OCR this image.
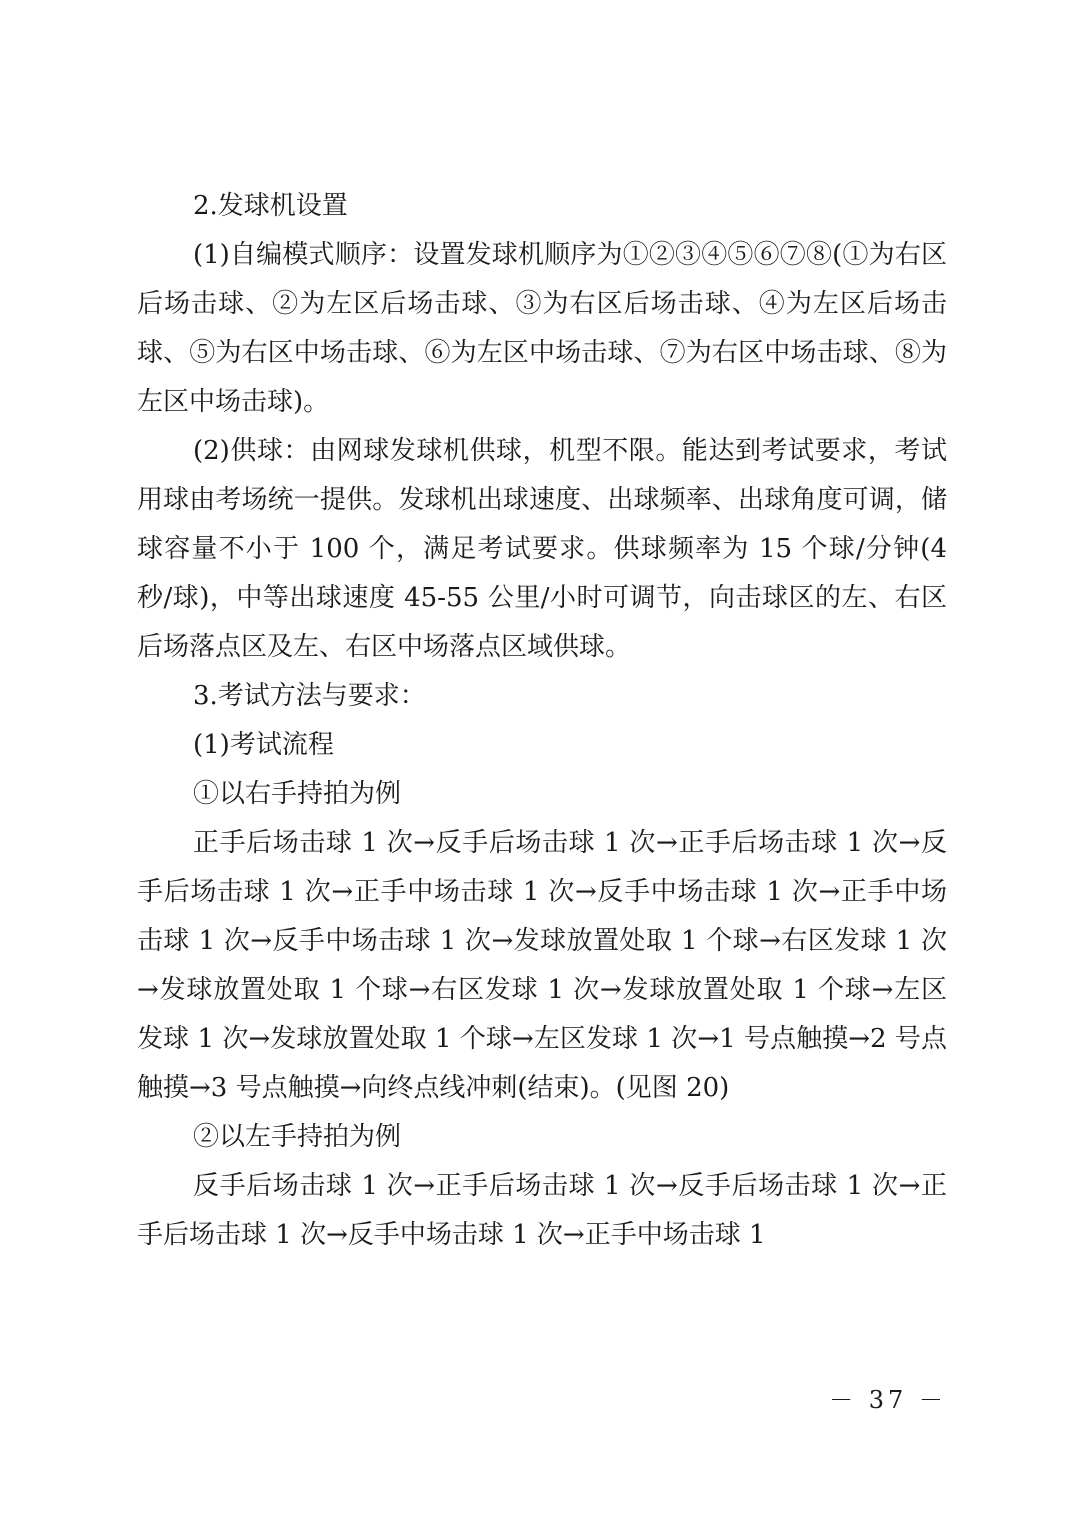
2.发球机设置

(1)自编模式顺序：设置发球机顺序为①②③④⑤⑥⑦⑧(①为右区后场击球、②为左区后场击球、③为右区后场击球、④为左区后场击球、⑤为右区中场击球、⑥为左区中场击球、⑦为右区中场击球、⑧为左区中场击球)。

(2)供球：由网球发球机供球，机型不限。能达到考试要求，考试用球由考场统一提供。发球机出球速度、出球频率、出球角度可调，储球容量不小于 100 个，满足考试要求。供球频率为 15 个球/分钟(4 秒/球)，中等出球速度 45-55 公里/小时可调节，向击球区的左、右区后场落点区及左、右区中场落点区域供球。

3.考试方法与要求：

(1)考试流程

①以右手持拍为例

正手后场击球 1 次→反手后场击球 1 次→正手后场击球 1 次→反手后场击球 1 次→正手中场击球 1 次→反手中场击球 1 次→正手中场击球 1 次→反手中场击球 1 次→发球放置处取 1 个球→右区发球 1 次→发球放置处取 1 个球→右区发球 1 次→发球放置处取 1 个球→左区发球 1 次→发球放置处取 1 个球→左区发球 1 次→1 号点触摸→2 号点触摸→3 号点触摸→向终点线冲刺(结束)。(见图 20)

②以左手持拍为例

反手后场击球 1 次→正手后场击球 1 次→反手后场击球 1 次→正手后场击球 1 次→反手中场击球 1 次→正手中场击球 1

－ 37 －
